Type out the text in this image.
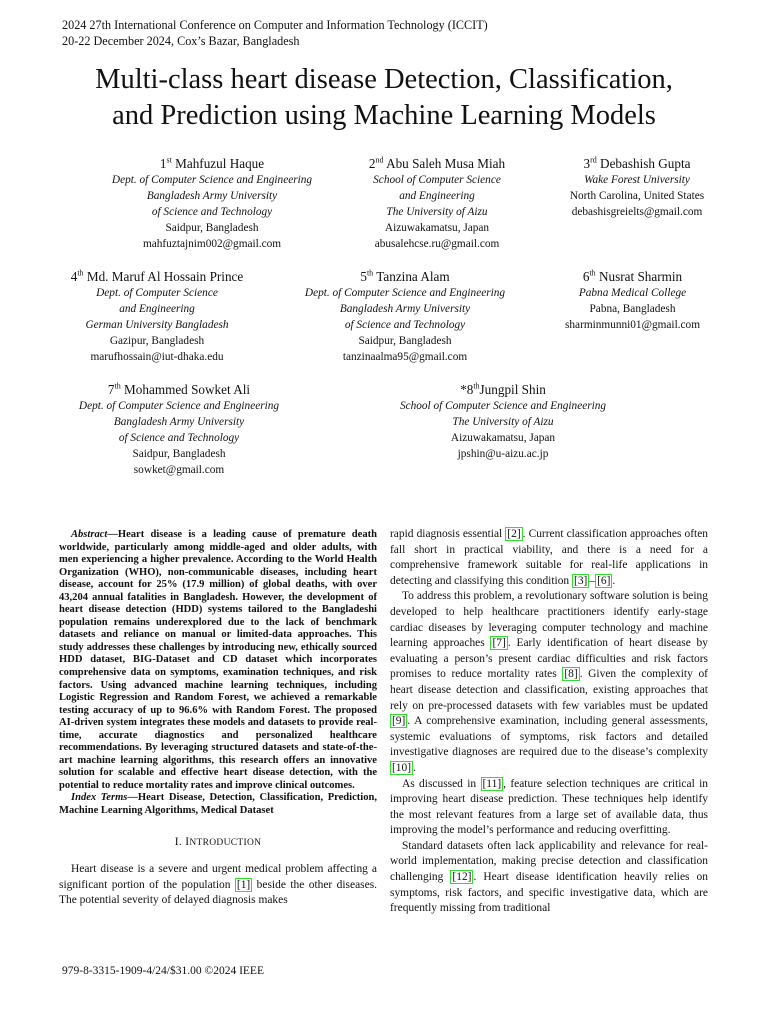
2024 27th International Conference on Computer and Information Technology (ICCIT)
20-22 December 2024, Cox’s Bazar, Bangladesh
Multi-class heart disease Detection, Classification,
and Prediction using Machine Learning Models
1st Mahfuzul Haque
Dept. of Computer Science and Engineering
Bangladesh Army University
of Science and Technology
Saidpur, Bangladesh
mahfuztajnim002@gmail.com
2nd Abu Saleh Musa Miah
School of Computer Science
and Engineering
The University of Aizu
Aizuwakamatsu, Japan
abusalehcse.ru@gmail.com
3rd Debashish Gupta
Wake Forest University
North Carolina, United States
debashisgreielts@gmail.com
4th Md. Maruf Al Hossain Prince
Dept. of Computer Science
and Engineering
German University Bangladesh
Gazipur, Bangladesh
marufhossain@iut-dhaka.edu
5th Tanzina Alam
Dept. of Computer Science and Engineering
Bangladesh Army University
of Science and Technology
Saidpur, Bangladesh
tanzinaalma95@gmail.com
6th Nusrat Sharmin
Pabna Medical College
Pabna, Bangladesh
sharminmunni01@gmail.com
7th Mohammed Sowket Ali
Dept. of Computer Science and Engineering
Bangladesh Army University
of Science and Technology
Saidpur, Bangladesh
sowket@gmail.com
*8thJungpil Shin
School of Computer Science and Engineering
The University of Aizu
Aizuwakamatsu, Japan
jpshin@u-aizu.ac.jp

Abstract—Heart disease is a leading cause of premature death worldwide, particularly among middle-aged and older adults, with men experiencing a higher prevalence. According to the World Health Organization (WHO), non-communicable diseases, including heart disease, account for 25% (17.9 million) of global deaths, with over 43,204 annual fatalities in Bangladesh. However, the development of heart disease detection (HDD) systems tailored to the Bangladeshi population remains underexplored due to the lack of benchmark datasets and reliance on manual or limited-data approaches. This study addresses these challenges by introducing new, ethically sourced HDD dataset, BIG-Dataset and CD dataset which incorporates comprehensive data on symptoms, examination techniques, and risk factors. Using advanced machine learning techniques, including Logistic Regression and Random Forest, we achieved a remarkable testing accuracy of up to 96.6% with Random Forest. The proposed AI-driven system integrates these models and datasets to provide real-time, accurate diagnostics and personalized healthcare recommendations. By leveraging structured datasets and state-of-the-art machine learning algorithms, this research offers an innovative solution for scalable and effective heart disease detection, with the potential to reduce mortality rates and improve clinical outcomes.

Index Terms—Heart Disease, Detection, Classification, Prediction, Machine Learning Algorithms, Medical Dataset

I. INTRODUCTION

Heart disease is a severe and urgent medical problem affecting a significant portion of the population [1] beside the other diseases. The potential severity of delayed diagnosis makes

rapid diagnosis essential [2] . Current classification approaches often fall short in practical viability, and there is a need for a comprehensive framework suitable for real-life applications in detecting and classifying this condition [3] – [6] .

To address this problem, a revolutionary software solution is being developed to help healthcare practitioners identify early-stage cardiac diseases by leveraging computer technology and machine learning approaches [7] . Early identification of heart disease by evaluating a person’s present cardiac difficulties and risk factors promises to reduce mortality rates [8] . Given the complexity of heart disease detection and classification, existing approaches that rely on pre-processed datasets with few variables must be updated [9] . A comprehensive examination, including general assessments, systemic evaluations of symptoms, risk factors and detailed investigative diagnoses are required due to the disease’s complexity [10] .

As discussed in [11] , feature selection techniques are critical in improving heart disease prediction. These techniques help identify the most relevant features from a large set of available data, thus improving the model’s performance and reducing overfitting.

Standard datasets often lack applicability and relevance for real-world implementation, making precise detection and classification challenging [12] . Heart disease identification heavily relies on symptoms, risk factors, and specific investigative data, which are frequently missing from traditional

979-8-3315-1909-4/24/$31.00 ©2024 IEEE
